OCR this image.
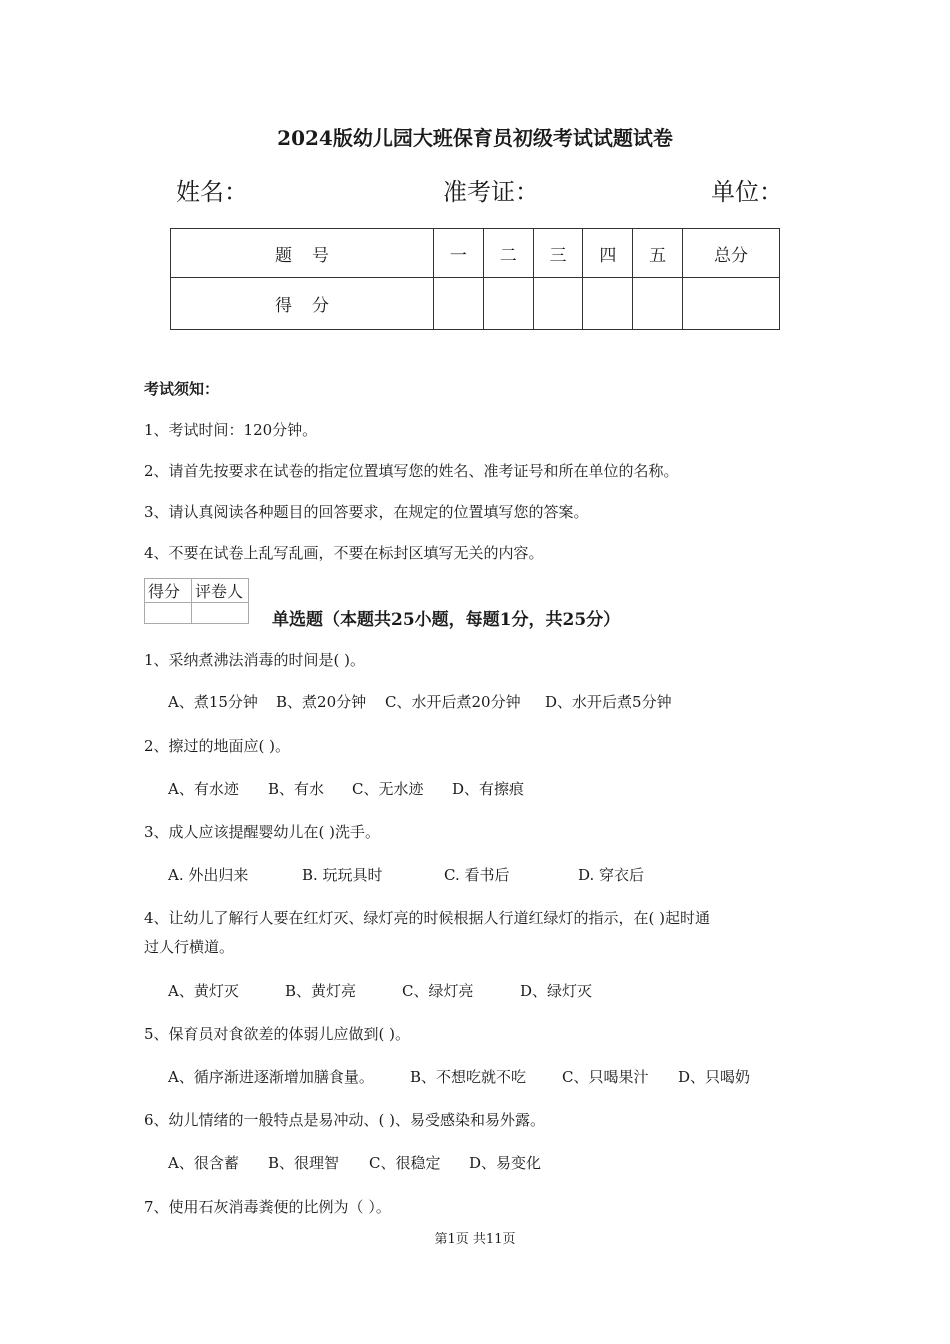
2024版幼儿园大班保育员初级考试试题试卷
姓名：	准考证：	单位：
题号	一	二	三	四	五	总分
得分						
考试须知：
1、考试时间：120分钟。
2、请首先按要求在试卷的指定位置填写您的姓名、准考证号和所在单位的名称。
3、请认真阅读各种题目的回答要求，在规定的位置填写您的答案。
4、不要在试卷上乱写乱画，不要在标封区填写无关的内容。
得分	评卷人

单选题（本题共25小题，每题1分，共25分）
1、采纳煮沸法消毒的时间是( )。
A、煮15分钟 B、煮20分钟 C、水开后煮20分钟 D、水开后煮5分钟
2、擦过的地面应( )。
A、有水迹 B、有水 C、无水迹 D、有擦痕
3、成人应该提醒婴幼儿在( )洗手。
A. 外出归来	B. 玩玩具时	C. 看书后	D. 穿衣后
4、让幼儿了解行人要在红灯灭、绿灯亮的时候根据人行道红绿灯的指示，在( )起时通
过人行横道。
A、黄灯灭	B、黄灯亮	C、绿灯亮	D、绿灯灭
5、保育员对食欲差的体弱儿应做到( )。
A、循序渐进逐渐增加膳食量。 B、不想吃就不吃 C、只喝果汁 D、只喝奶
6、幼儿情绪的一般特点是易冲动、( )、易受感染和易外露。
A、很含蓄 B、很理智 C、很稳定 D、易变化
7、使用石灰消毒粪便的比例为（ ）。
第1页 共11页
